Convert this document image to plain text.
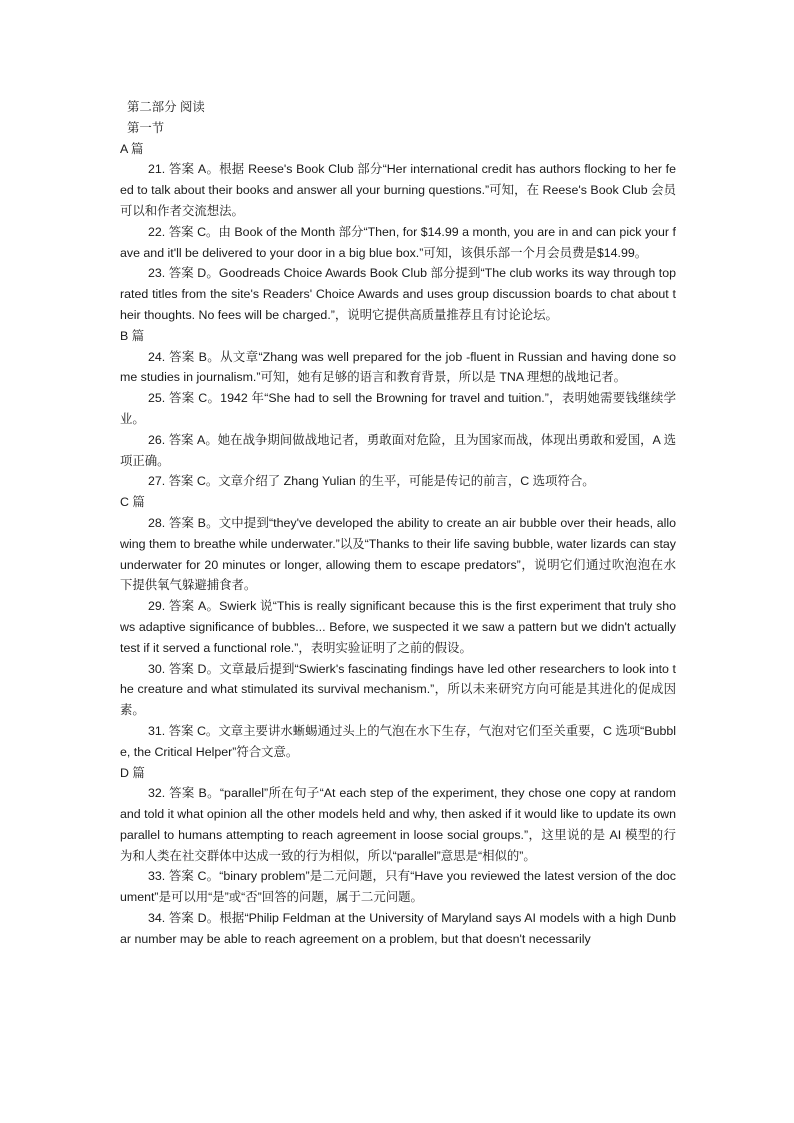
第二部分 阅读
第一节
A 篇
21. 答案 A。根据 Reese's Book Club 部分“Her international credit has authors flocking to her feed to talk about their books and answer all your burning questions.”可知，在 Reese's Book Club 会员可以和作者交流想法。
22. 答案 C。由 Book of the Month 部分“Then, for $14.99 a month, you are in and can pick your fave and it'll be delivered to your door in a big blue box.”可知，该俱乐部一个月会员费是$14.99。
23. 答案 D。Goodreads Choice Awards Book Club 部分提到“The club works its way through top rated titles from the site's Readers' Choice Awards and uses group discussion boards to chat about their thoughts. No fees will be charged.”，说明它提供高质量推荐且有讨论论坛。
B 篇
24. 答案 B。从文章“Zhang was well prepared for the job -fluent in Russian and having done some studies in journalism.”可知，她有足够的语言和教育背景，所以是 TNA 理想的战地记者。
25. 答案 C。1942 年“She had to sell the Browning for travel and tuition.”，表明她需要钱继续学业。
26. 答案 A。她在战争期间做战地记者，勇敢面对危险，且为国家而战，体现出勇敢和爱国，A 选项正确。
27. 答案 C。文章介绍了 Zhang Yulian 的生平，可能是传记的前言，C 选项符合。
C 篇
28. 答案 B。文中提到“they've developed the ability to create an air bubble over their heads, allowing them to breathe while underwater.”以及“Thanks to their life saving bubble, water lizards can stay underwater for 20 minutes or longer, allowing them to escape predators”，说明它们通过吹泡泡在水下提供氧气躲避捕食者。
29. 答案 A。Swierk 说“This is really significant because this is the first experiment that truly shows adaptive significance of bubbles... Before, we suspected it we saw a pattern but we didn't actually test if it served a functional role.”，表明实验证明了之前的假设。
30. 答案 D。文章最后提到“Swierk's fascinating findings have led other researchers to look into the creature and what stimulated its survival mechanism.”，所以未来研究方向可能是其进化的促成因素。
31. 答案 C。文章主要讲水蜥蜴通过头上的气泡在水下生存，气泡对它们至关重要，C 选项“Bubble, the Critical Helper”符合文意。
D 篇
32. 答案 B。“parallel”所在句子“At each step of the experiment, they chose one copy at random and told it what opinion all the other models held and why, then asked if it would like to update its own parallel to humans attempting to reach agreement in loose social groups.”，这里说的是 AI 模型的行为和人类在社交群体中达成一致的行为相似，所以“parallel”意思是“相似的”。
33. 答案 C。“binary problem”是二元问题，只有“Have you reviewed the latest version of the document”是可以用“是”或“否”回答的问题，属于二元问题。
34. 答案 D。根据“Philip Feldman at the University of Maryland says AI models with a high Dunbar number may be able to reach agreement on a problem, but that doesn't necessarily
